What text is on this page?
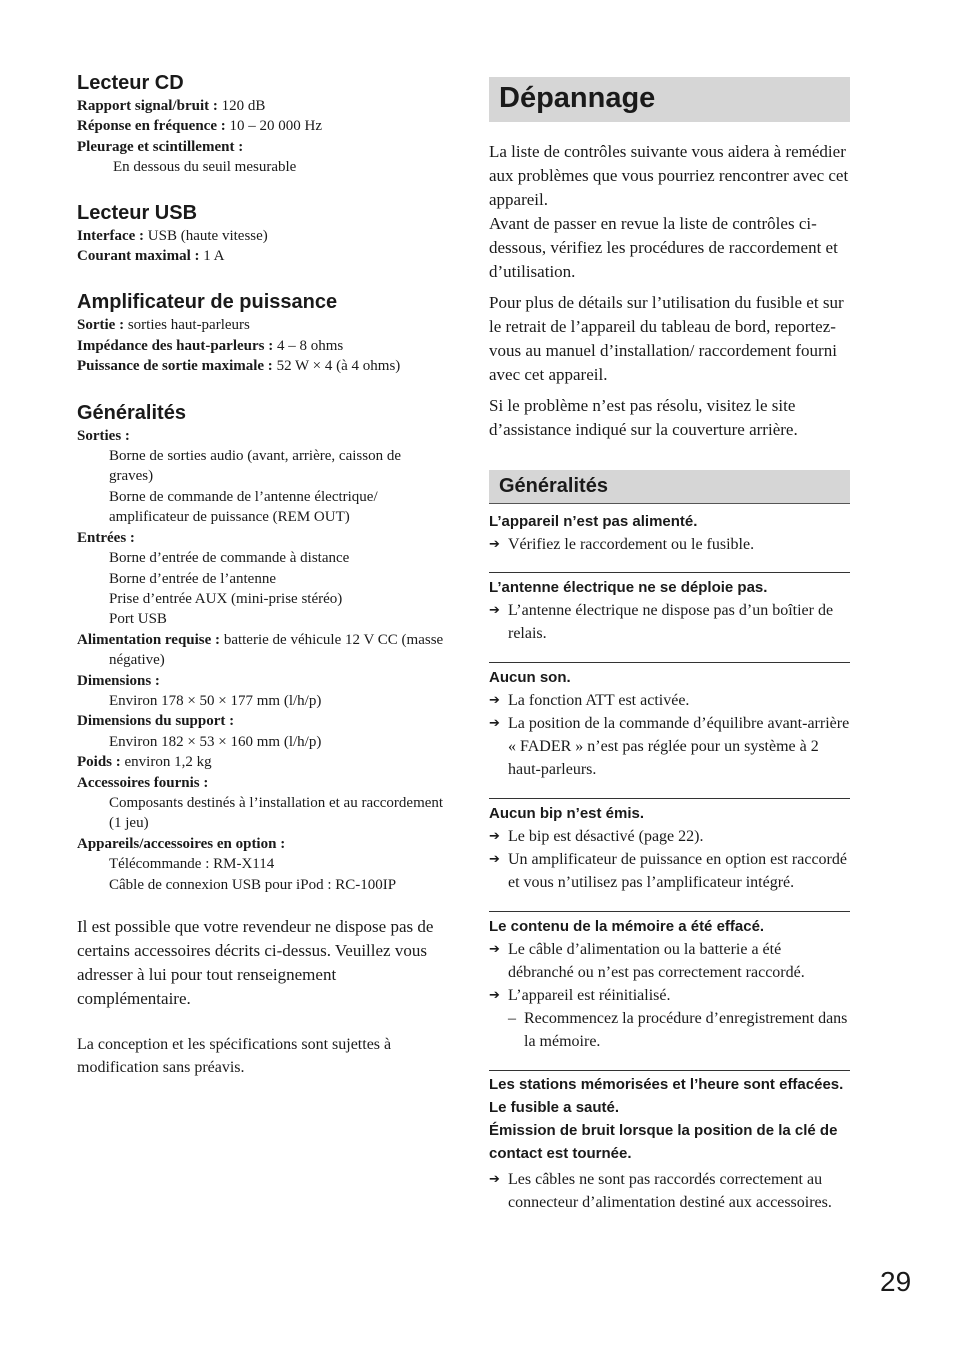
Lecteur CD
Rapport signal/bruit : 120 dB
Réponse en fréquence : 10 – 20 000 Hz
Pleurage et scintillement :
En dessous du seuil mesurable
Lecteur USB
Interface : USB (haute vitesse)
Courant maximal : 1 A
Amplificateur de puissance
Sortie : sorties haut-parleurs
Impédance des haut-parleurs : 4 – 8 ohms
Puissance de sortie maximale : 52 W × 4 (à 4 ohms)
Généralités
Sorties :
Borne de sorties audio (avant, arrière, caisson de graves)
Borne de commande de l’antenne électrique/ amplificateur de puissance (REM OUT)
Entrées :
Borne d’entrée de commande à distance
Borne d’entrée de l’antenne
Prise d’entrée AUX (mini-prise stéréo)
Port USB
Alimentation requise : batterie de véhicule 12 V CC (masse négative)
Dimensions :
Environ 178 × 50 × 177 mm (l/h/p)
Dimensions du support :
Environ 182 × 53 × 160 mm (l/h/p)
Poids : environ 1,2 kg
Accessoires fournis :
Composants destinés à l’installation et au raccordement (1 jeu)
Appareils/accessoires en option :
Télécommande : RM-X114
Câble de connexion USB pour iPod : RC-100IP

Il est possible que votre revendeur ne dispose pas de certains accessoires décrits ci-dessus. Veuillez vous adresser à lui pour tout renseignement complémentaire.

La conception et les spécifications sont sujettes à modification sans préavis.

Dépannage

La liste de contrôles suivante vous aidera à remédier aux problèmes que vous pourriez rencontrer avec cet appareil.

Avant de passer en revue la liste de contrôles ci-dessous, vérifiez les procédures de raccordement et d’utilisation.

Pour plus de détails sur l’utilisation du fusible et sur le retrait de l’appareil du tableau de bord, reportez-vous au manuel d’installation/ raccordement fourni avec cet appareil.

Si le problème n’est pas résolu, visitez le site d’assistance indiqué sur la couverture arrière.

Généralités
L’appareil n’est pas alimenté.
➔ Vérifiez le raccordement ou le fusible.
L’antenne électrique ne se déploie pas.
➔ L’antenne électrique ne dispose pas d’un boîtier de relais.
Aucun son.
➔ La fonction ATT est activée.
➔ La position de la commande d’équilibre avant-arrière « FADER » n’est pas réglée pour un système à 2 haut-parleurs.
Aucun bip n’est émis.
➔ Le bip est désactivé (page 22).
➔ Un amplificateur de puissance en option est raccordé et vous n’utilisez pas l’amplificateur intégré.
Le contenu de la mémoire a été effacé.
➔ Le câble d’alimentation ou la batterie a été débranché ou n’est pas correctement raccordé.
➔ L’appareil est réinitialisé.
– Recommencez la procédure d’enregistrement dans la mémoire.
Les stations mémorisées et l’heure sont effacées.
Le fusible a sauté.
Émission de bruit lorsque la position de la clé de contact est tournée.
➔ Les câbles ne sont pas raccordés correctement au connecteur d’alimentation destiné aux accessoires.
29
